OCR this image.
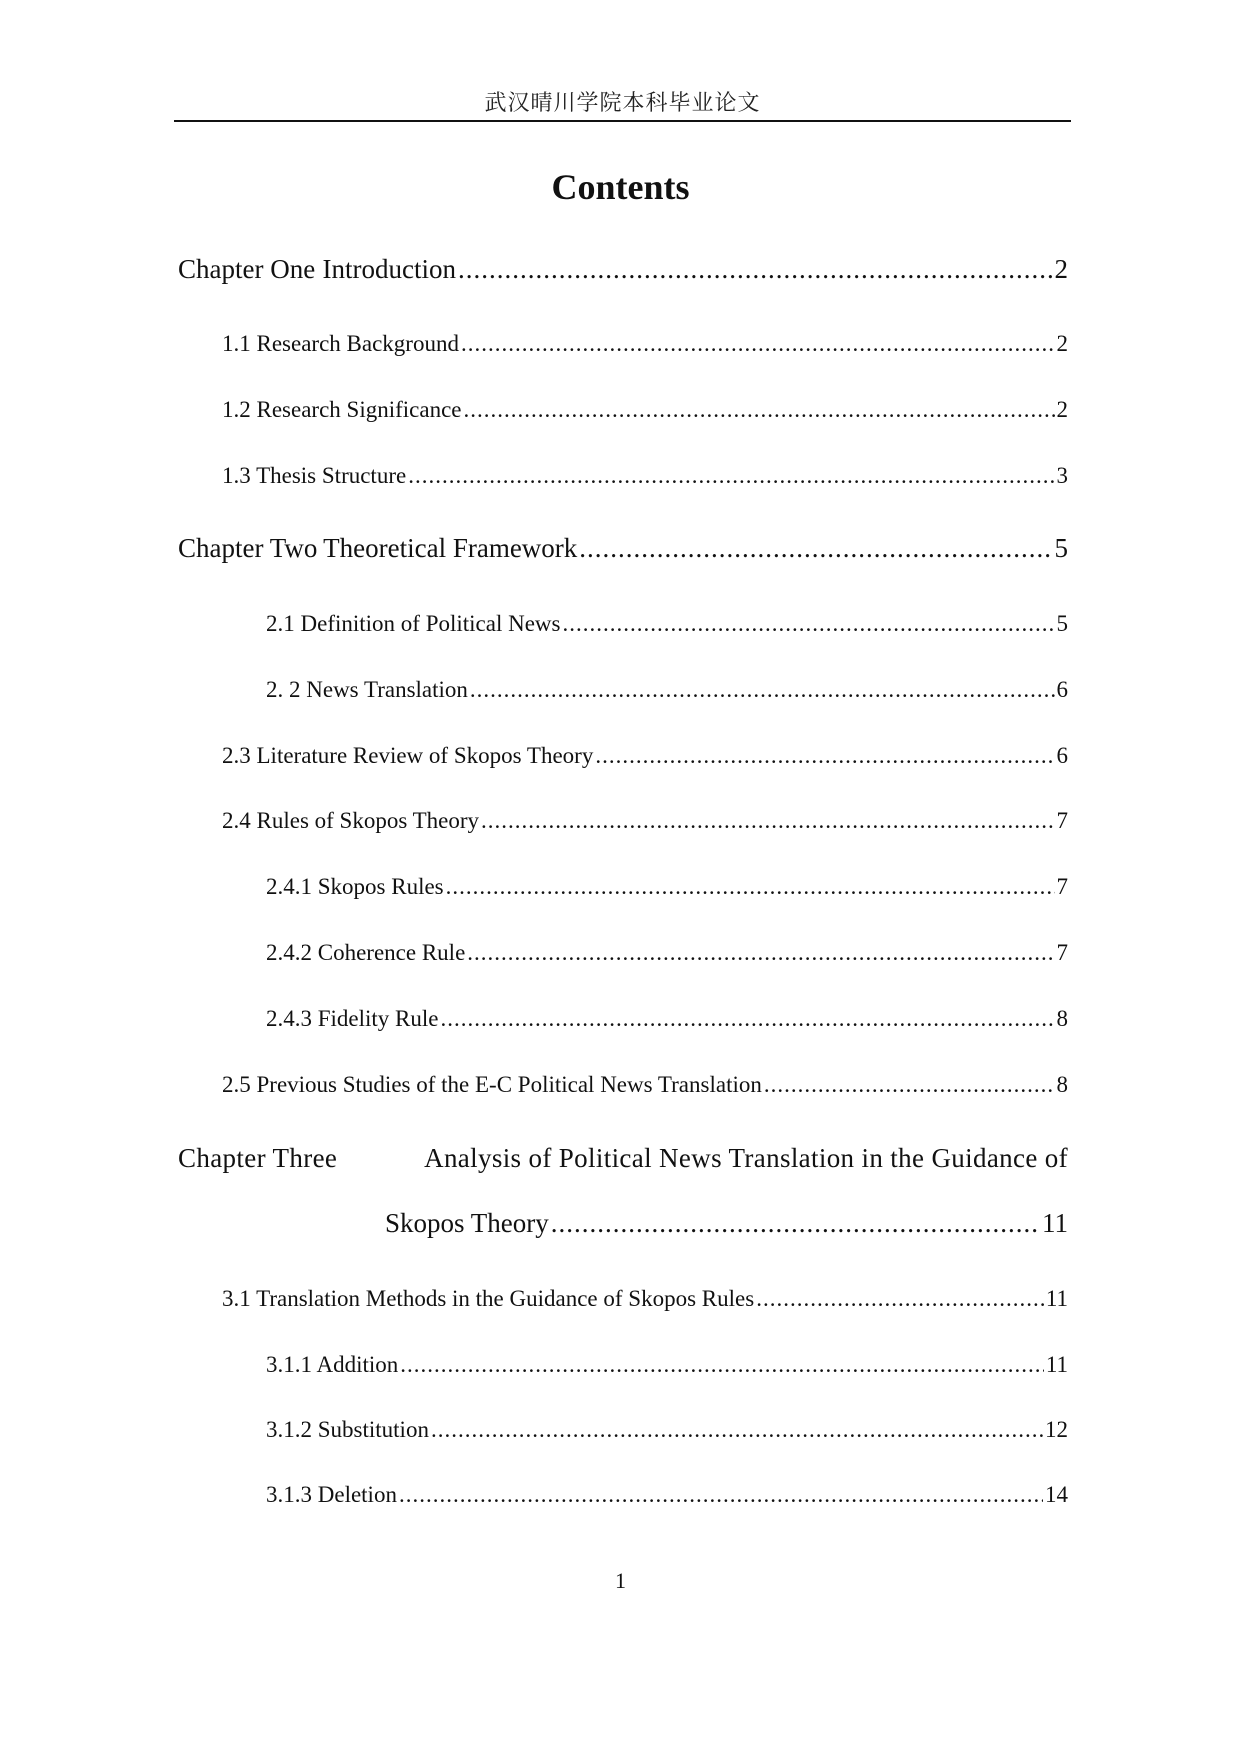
武汉晴川学院本科毕业论文
Contents
Chapter One Introduction .....	2
1.1 Research Background .....	2
1.2 Research Significance .....	2
1.3 Thesis Structure .....	3
Chapter Two Theoretical Framework .....	5
2.1 Definition of Political News .....	5
2. 2 News Translation .....	6
2.3 Literature Review of Skopos Theory .....	6
2.4 Rules of Skopos Theory .....	7
2.4.1 Skopos Rules .....	7
2.4.2 Coherence Rule .....	7
2.4.3 Fidelity Rule .....	8
2.5 Previous Studies of the E-C Political News Translation .....	8
Chapter Three	Analysis of Political News Translation in the Guidance of
Skopos Theory .....	11
3.1 Translation Methods in the Guidance of Skopos Rules .....	11
3.1.1 Addition .....	11
3.1.2 Substitution .....	12
3.1.3 Deletion .....	14
1
